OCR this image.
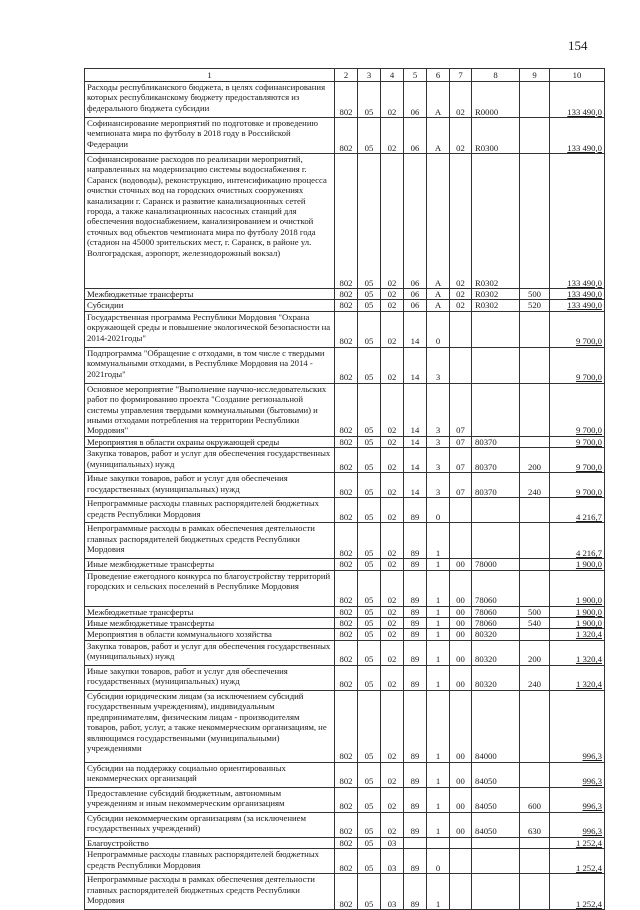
154
1	2	3	4	5	6	7	8	9	10
Расходы республиканского бюджета, в целях софинансирования которых республиканскому бюджету предоставляются из федерального бюджета субсидии	802	05	02	06	А	02	R0000		133 490,0
Софинансирование мероприятий по подготовке и проведению чемпионата мира по футболу в 2018 году в Российской Федерации	802	05	02	06	А	02	R0300		133 490,0
Софинансирование расходов по реализации мероприятий, направленных на модернизацию системы водоснабжения г. Саранск (водоводы), реконструкцию, интенсификацию процесса очистки сточных вод на городских очистных сооружениях канализации г. Саранск и развитие канализационных сетей города, а также канализационных насосных станций для обеспечения водоснабжением, канализированием и очисткой сточных вод объектов чемпионата мира по футболу 2018 года (стадион на 45000 зрительских мест, г. Саранск, в районе ул. Волгоградская, аэропорт, железнодорожный вокзал)	802	05	02	06	А	02	R0302		133 490,0
Межбюджетные трансферты	802	05	02	06	А	02	R0302	500	133 490,0
Субсидии	802	05	02	06	А	02	R0302	520	133 490,0
Государственная программа Республики Мордовия "Охрана окружающей среды и повышение экологической безопасности на 2014-2021годы"	802	05	02	14	0				9 700,0
Подпрограмма "Обращение с отходами, в том числе с твердыми коммунальными отходами, в Республике Мордовия на 2014 - 2021годы"	802	05	02	14	3				9 700,0
Основное мероприятие "Выполнение научно-исследовательских работ по формированию проекта "Создание региональной системы управления твердыми коммунальными (бытовыми) и иными отходами потребления на территории Республики Мордовия"	802	05	02	14	3	07			9 700,0
Мероприятия в области охраны окружающей среды	802	05	02	14	3	07	80370		9 700,0
Закупка товаров, работ и услуг для обеспечения государственных (муниципальных) нужд	802	05	02	14	3	07	80370	200	9 700,0
Иные закупки товаров, работ и услуг для обеспечения государственных (муниципальных) нужд	802	05	02	14	3	07	80370	240	9 700,0
Непрограммные расходы главных распорядителей бюджетных средств Республики Мордовия	802	05	02	89	0				4 216,7
Непрограммные расходы в рамках обеспечения деятельности главных распорядителей бюджетных средств Республики Мордовия	802	05	02	89	1				4 216,7
Иные межбюджетные трансферты	802	05	02	89	1	00	78000		1 900,0
Проведение ежегодного конкурса по благоустройству территорий городских и сельских поселений в Республике Мордовия	802	05	02	89	1	00	78060		1 900,0
Межбюджетные трансферты	802	05	02	89	1	00	78060	500	1 900,0
Иные межбюджетные трансферты	802	05	02	89	1	00	78060	540	1 900,0
Мероприятия в области коммунального хозяйства	802	05	02	89	1	00	80320		1 320,4
Закупка товаров, работ и услуг для обеспечения государственных (муниципальных) нужд	802	05	02	89	1	00	80320	200	1 320,4
Иные закупки товаров, работ и услуг для обеспечения государственных (муниципальных) нужд	802	05	02	89	1	00	80320	240	1 320,4
Субсидии юридическим лицам (за исключением субсидий государственным учреждениям), индивидуальным предпринимателям, физическим лицам - производителям товаров, работ, услуг, а также некоммерческим организациям, не являющимся государственными (муниципальными) учреждениями	802	05	02	89	1	00	84000		996,3
Субсидии на поддержку социально ориентированных некоммерческих организаций	802	05	02	89	1	00	84050		996,3
Предоставление субсидий бюджетным, автономным учреждениям и иным некоммерческим организациям	802	05	02	89	1	00	84050	600	996,3
Субсидии некоммерческим организациям (за исключением государственных учреждений)	802	05	02	89	1	00	84050	630	996,3
Благоустройство	802	05	03						1 252,4
Непрограммные расходы главных распорядителей бюджетных средств Республики Мордовия	802	05	03	89	0				1 252,4
Непрограммные расходы в рамках обеспечения деятельности главных распорядителей бюджетных средств Республики Мордовия	802	05	03	89	1				1 252,4
